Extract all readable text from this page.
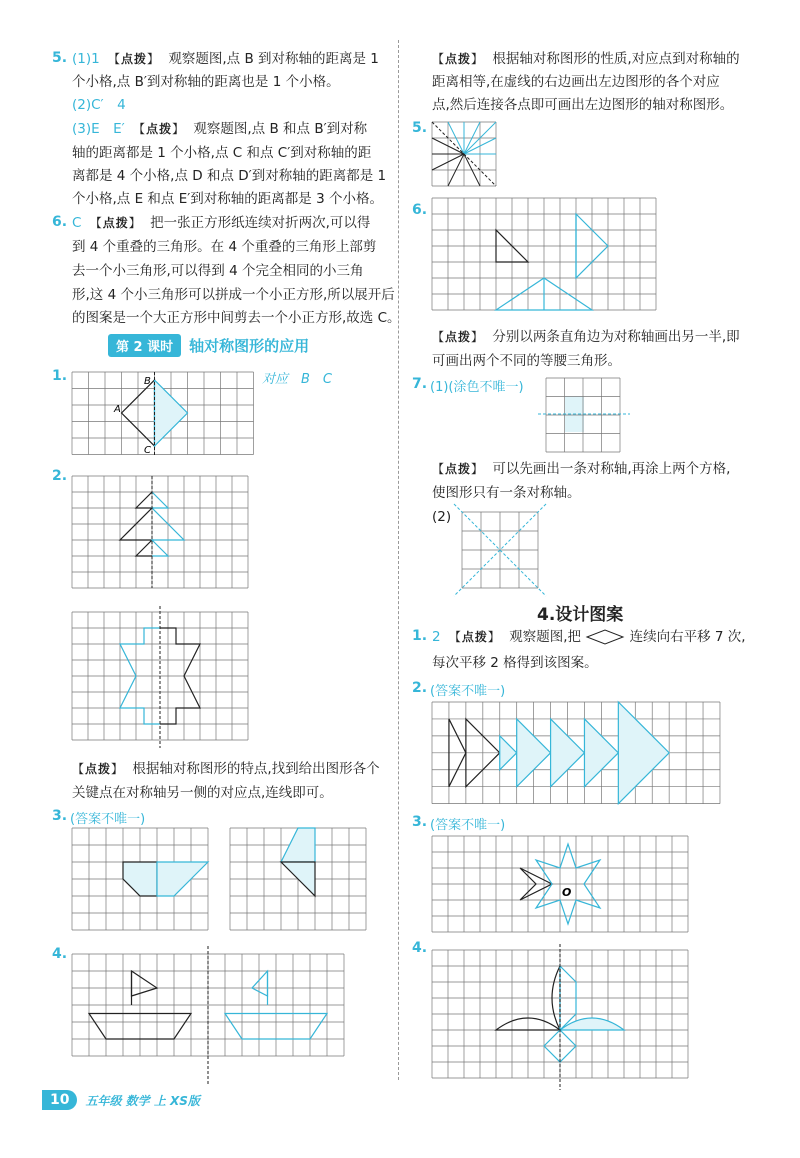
5. (1)1 【 点拨 】 观察题图,点 B 到对称轴的距离是 1
个小格,点 B′到对称轴的距离也是 1 个小格。
(2)C′　4
(3)E　E′ 【 点拨 】 观察题图,点 B 和点 B′到对称
轴的距离都是 1 个小格,点 C 和点 C′到对称轴的距
离都是 4 个小格,点 D 和点 D′到对称轴的距离都是 1
个小格,点 E 和点 E′到对称轴的距离都是 3 个小格。
6. C 【 点拨 】 把一张正方形纸连续对折两次,可以得
到 4 个重叠的三角形。在 4 个重叠的三角形上部剪
去一个小三角形,可以得到 4 个完全相同的小三角
形,这 4 个小三角形可以拼成一个小正方形,所以展开后
的图案是一个大正方形中间剪去一个小正方形,故选 C。
第 2 课时	轴对称图形的应用
1.	对应　B　C
B
A
C
2.
【 点拨 】 根据轴对称图形的特点,找到给出图形各个
关键点在对称轴另一侧的对应点,连线即可。
3. (答案不唯一)
4.
【 点拨 】 根据轴对称图形的性质,对应点到对称轴的
距离相等,在虚线的右边画出左边图形的各个对应
点,然后连接各点即可画出左边图形的轴对称图形。
5.
6.
【 点拨 】 分别以两条直角边为对称轴画出另一半,即
可画出两个不同的等腰三角形。
7. (1)(涂色不唯一)
【 点拨 】 可以先画出一条对称轴,再涂上两个方格,
使图形只有一条对称轴。
(2)
4.设计图案
1. 2 【 点拨 】 观察题图,把	连续向右平移 7 次,
每次平移 2 格得到该图案。
2. (答案不唯一)
3. (答案不唯一)
O
4.
10	五年级 数学 上 XS版
